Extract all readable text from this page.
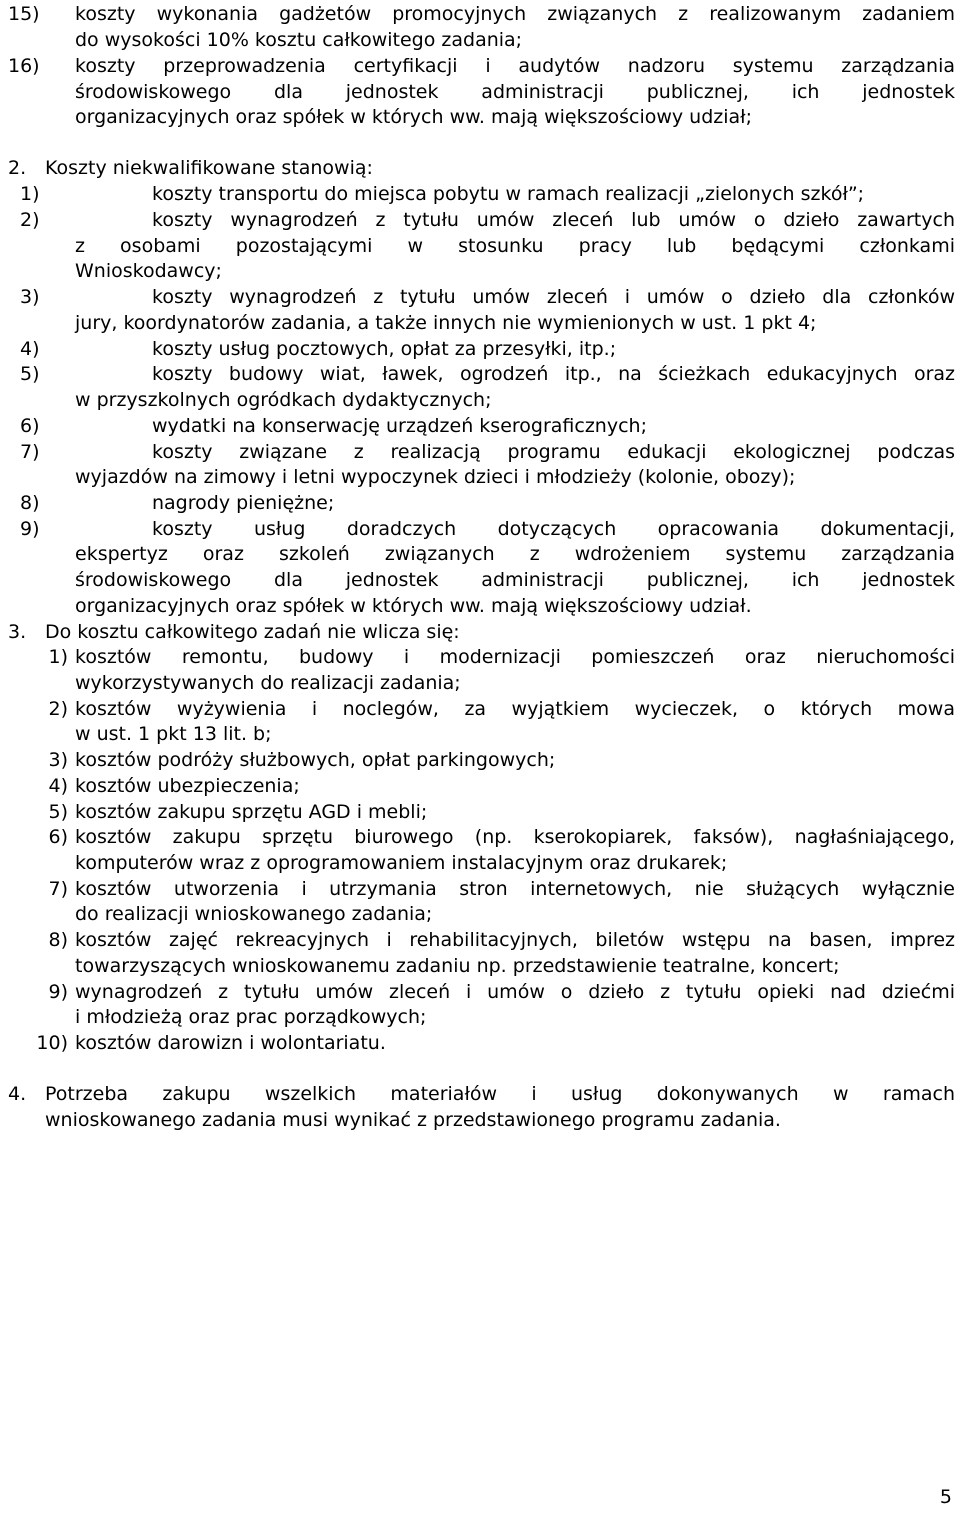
15) koszty wykonania gadżetów promocyjnych związanych z realizowanym zadaniem
do wysokości 10% kosztu całkowitego zadania;
16) koszty przeprowadzenia certyfikacji i audytów nadzoru systemu zarządzania
środowiskowego dla jednostek administracji publicznej, ich jednostek
organizacyjnych oraz spółek w których ww. mają większościowy udział;
2. Koszty niekwalifikowane stanowią:
1)	koszty transportu do miejsca pobytu w ramach realizacji „zielonych szkół”;
2)	koszty wynagrodzeń z tytułu umów zleceń lub umów o dzieło zawartych
z osobami pozostającymi w stosunku pracy lub będącymi członkami
Wnioskodawcy;
3)	koszty wynagrodzeń z tytułu umów zleceń i umów o dzieło dla członków
jury, koordynatorów zadania, a także innych nie wymienionych w ust. 1 pkt 4;
4)	koszty usług pocztowych, opłat za przesyłki, itp.;
5)	koszty budowy wiat, ławek, ogrodzeń itp., na ścieżkach edukacyjnych oraz
w przyszkolnych ogródkach dydaktycznych;
6)	wydatki na konserwację urządzeń kserograficznych;
7)	koszty związane z realizacją programu edukacji ekologicznej podczas
wyjazdów na zimowy i letni wypoczynek dzieci i młodzieży (kolonie, obozy);
8)	nagrody pieniężne;
9)	koszty usług doradczych dotyczących opracowania dokumentacji,
ekspertyz oraz szkoleń związanych z wdrożeniem systemu zarządzania
środowiskowego dla jednostek administracji publicznej, ich jednostek
organizacyjnych oraz spółek w których ww. mają większościowy udział.
3. Do kosztu całkowitego zadań nie wlicza się:
1) kosztów remontu, budowy i modernizacji pomieszczeń oraz nieruchomości
wykorzystywanych do realizacji zadania;
2) kosztów wyżywienia i noclegów, za wyjątkiem wycieczek, o których mowa
w ust. 1 pkt 13 lit. b;
3) kosztów podróży służbowych, opłat parkingowych;
4) kosztów ubezpieczenia;
5) kosztów zakupu sprzętu AGD i mebli;
6) kosztów zakupu sprzętu biurowego (np. kserokopiarek, faksów), nagłaśniającego,
komputerów wraz z oprogramowaniem instalacyjnym oraz drukarek;
7) kosztów utworzenia i utrzymania stron internetowych, nie służących wyłącznie
do realizacji wnioskowanego zadania;
8) kosztów zajęć rekreacyjnych i rehabilitacyjnych, biletów wstępu na basen, imprez
towarzyszących wnioskowanemu zadaniu np. przedstawienie teatralne, koncert;
9) wynagrodzeń z tytułu umów zleceń i umów o dzieło z tytułu opieki nad dziećmi
i młodzieżą oraz prac porządkowych;
10) kosztów darowizn i wolontariatu.
4. Potrzeba zakupu wszelkich materiałów i usług dokonywanych w ramach
wnioskowanego zadania musi wynikać z przedstawionego programu zadania.
5
